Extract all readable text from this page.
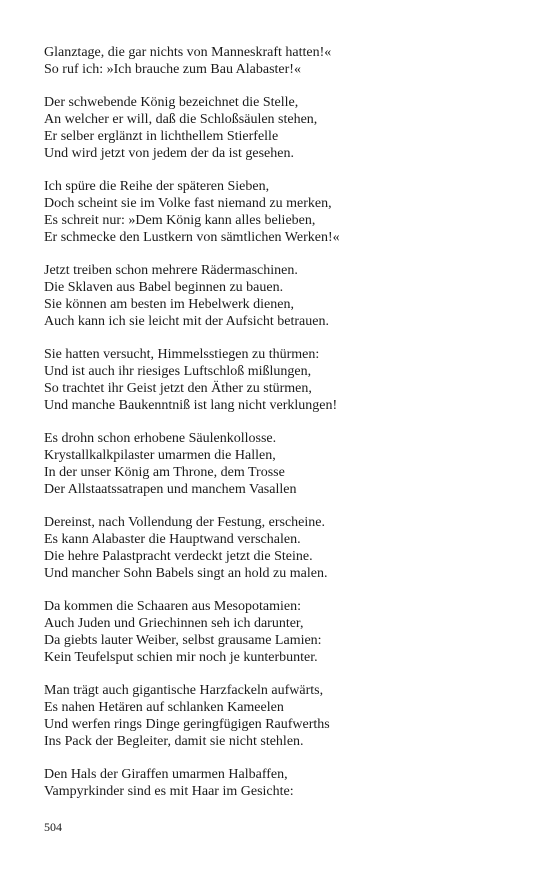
Glanztage, die gar nichts von Manneskraft hatten!«
So ruf ich: »Ich brauche zum Bau Alabaster!«
Der schwebende König bezeichnet die Stelle,
An welcher er will, daß die Schloßsäulen stehen,
Er selber erglänzt in lichthellem Stierfelle
Und wird jetzt von jedem der da ist gesehen.
Ich spüre die Reihe der späteren Sieben,
Doch scheint sie im Volke fast niemand zu merken,
Es schreit nur: »Dem König kann alles belieben,
Er schmecke den Lustkern von sämtlichen Werken!«
Jetzt treiben schon mehrere Rädermaschinen.
Die Sklaven aus Babel beginnen zu bauen.
Sie können am besten im Hebelwerk dienen,
Auch kann ich sie leicht mit der Aufsicht betrauen.
Sie hatten versucht, Himmelsstiegen zu thürmen:
Und ist auch ihr riesiges Luftschloß mißlungen,
So trachtet ihr Geist jetzt den Äther zu stürmen,
Und manche Baukenntniß ist lang nicht verklungen!
Es drohn schon erhobene Säulenkollosse.
Krystallkalkpilaster umarmen die Hallen,
In der unser König am Throne, dem Trosse
Der Allstaatssatrapen und manchem Vasallen
Dereinst, nach Vollendung der Festung, erscheine.
Es kann Alabaster die Hauptwand verschalen.
Die hehre Palastpracht verdeckt jetzt die Steine.
Und mancher Sohn Babels singt an hold zu malen.
Da kommen die Schaaren aus Mesopotamien:
Auch Juden und Griechinnen seh ich darunter,
Da giebts lauter Weiber, selbst grausame Lamien:
Kein Teufelsput schien mir noch je kunterbunter.
Man trägt auch gigantische Harzfackeln aufwärts,
Es nahen Hetären auf schlanken Kameelen
Und werfen rings Dinge geringfügigen Raufwerths
Ins Pack der Begleiter, damit sie nicht stehlen.
Den Hals der Giraffen umarmen Halbaffen,
Vampyrkinder sind es mit Haar im Gesichte:
504
